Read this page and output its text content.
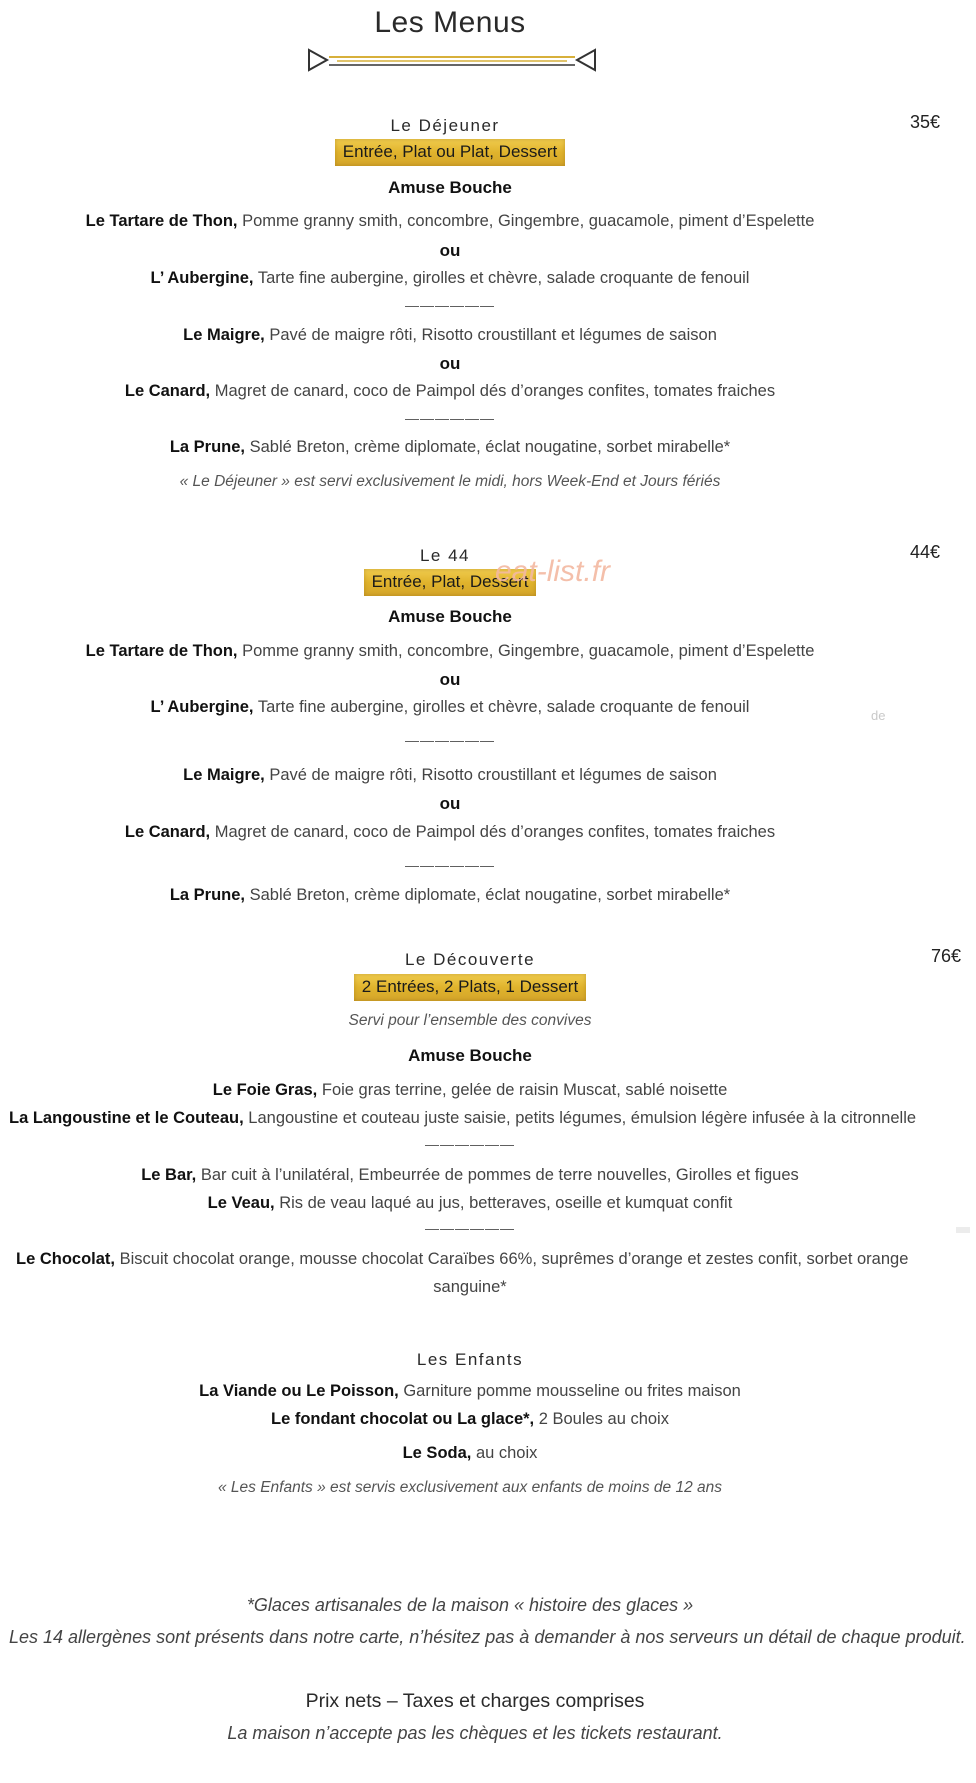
Les Menus
Le Déjeuner	35€
Entrée, Plat ou Plat, Dessert
Amuse Bouche
Le Tartare de Thon, Pomme granny smith, concombre, Gingembre, guacamole, piment d’Espelette
ou
L’ Aubergine, Tarte fine aubergine, girolles et chèvre, salade croquante de fenouil
——————
Le Maigre, Pavé de maigre rôti, Risotto croustillant et légumes de saison
ou
Le Canard, Magret de canard, coco de Paimpol dés d’oranges confites, tomates fraiches
——————
La Prune, Sablé Breton, crème diplomate, éclat nougatine, sorbet mirabelle*
« Le Déjeuner » est servi exclusivement le midi, hors Week-End et Jours fériés
Le 44	44€
Entrée, Plat, Dessert
eat-list.fr
Amuse Bouche
Le Tartare de Thon, Pomme granny smith, concombre, Gingembre, guacamole, piment d’Espelette
ou
L’ Aubergine, Tarte fine aubergine, girolles et chèvre, salade croquante de fenouil	de
——————
Le Maigre, Pavé de maigre rôti, Risotto croustillant et légumes de saison
ou
Le Canard, Magret de canard, coco de Paimpol dés d’oranges confites, tomates fraiches
——————
La Prune, Sablé Breton, crème diplomate, éclat nougatine, sorbet mirabelle*
Le Découverte	76€
2 Entrées, 2 Plats, 1 Dessert
Servi pour l’ensemble des convives
Amuse Bouche
Le Foie Gras, Foie gras terrine, gelée de raisin Muscat, sablé noisette
La Langoustine et le Couteau, Langoustine et couteau juste saisie, petits légumes, émulsion légère infusée à la citronnelle
——————
Le Bar, Bar cuit à l’unilatéral, Embeurrée de pommes de terre nouvelles, Girolles et figues
Le Veau, Ris de veau laqué au jus, betteraves, oseille et kumquat confit
——————
Le Chocolat, Biscuit chocolat orange, mousse chocolat Caraïbes 66%, suprêmes d’orange et zestes confit, sorbet orange
sanguine*
Les Enfants
La Viande ou Le Poisson, Garniture pomme mousseline ou frites maison
Le fondant chocolat ou La glace*, 2 Boules au choix
Le Soda, au choix
« Les Enfants » est servis exclusivement aux enfants de moins de 12 ans
*Glaces artisanales de la maison « histoire des glaces »
Les 14 allergènes sont présents dans notre carte, n’hésitez pas à demander à nos serveurs un détail de chaque produit.
Prix nets – Taxes et charges comprises
La maison n’accepte pas les chèques et les tickets restaurant.
